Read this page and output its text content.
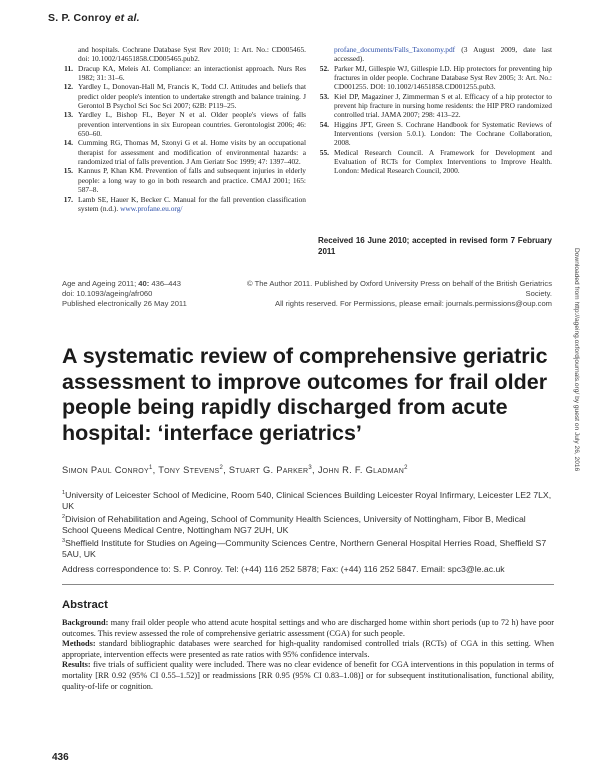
S. P. Conroy et al.
and hospitals. Cochrane Database Syst Rev 2010; 1: Art. No.: CD005465. doi: 10.1002/14651858.CD005465.pub2.
11. Dracup KA, Meleis AI. Compliance: an interactionist approach. Nurs Res 1982; 31: 31–6.
12. Yardley L, Donovan-Hall M, Francis K, Todd CJ. Attitudes and beliefs that predict older people's intention to undertake strength and balance training. J Gerontol B Psychol Sci Soc Sci 2007; 62B: P119–25.
13. Yardley L, Bishop FL, Beyer N et al. Older people's views of falls prevention interventions in six European countries. Gerontologist 2006; 46: 650–60.
14. Cumming RG, Thomas M, Szonyi G et al. Home visits by an occupational therapist for assessment and modification of environmental hazards: a randomized trial of falls prevention. J Am Geriatr Soc 1999; 47: 1397–402.
15. Kannus P, Khan KM. Prevention of falls and subsequent injuries in elderly people: a long way to go in both research and practice. CMAJ 2001; 165: 587–8.
17. Lamb SE, Hauer K, Becker C. Manual for the fall prevention classification system (n.d.). www.profane.eu.org/
profane_documents/Falls_Taxonomy.pdf (3 August 2009, date last accessed).
52. Parker MJ, Gillespie WJ, Gillespie LD. Hip protectors for preventing hip fractures in older people. Cochrane Database Syst Rev 2005; 3: Art. No.: CD001255. DOI: 10.1002/14651858.CD001255.pub3.
53. Kiel DP, Magaziner J, Zimmerman S et al. Efficacy of a hip protector to prevent hip fracture in nursing home residents: the HIP PRO randomized controlled trial. JAMA 2007; 298: 413–22.
54. Higgins JPT, Green S. Cochrane Handbook for Systematic Reviews of Interventions (version 5.0.1). London: The Cochrane Collaboration, 2008.
55. Medical Research Council. A Framework for Development and Evaluation of RCTs for Complex Interventions to Improve Health. London: Medical Research Council, 2000.
Received 16 June 2010; accepted in revised form 7 February 2011	Downloaded from http://ageing.oxfordjournals.org/ by guest on July 26, 2016
Age and Ageing 2011; 40: 436–443
doi: 10.1093/ageing/afr060
Published electronically 26 May 2011
© The Author 2011. Published by Oxford University Press on behalf of the British Geriatrics Society.
All rights reserved. For Permissions, please email: journals.permissions@oup.com
A systematic review of comprehensive geriatric assessment to improve outcomes for frail older people being rapidly discharged from acute hospital: ‘interface geriatrics’
Simon Paul Conroy$^1$, Tony Stevens$^2$, Stuart G. Parker$^3$, John R. F. Gladman$^2$
$^1$University of Leicester School of Medicine, Room 540, Clinical Sciences Building Leicester Royal Infirmary, Leicester LE2 7LX, UK
$^2$Division of Rehabilitation and Ageing, School of Community Health Sciences, University of Nottingham, Fibor B, Medical School Queens Medical Centre, Nottingham NG7 2UH, UK
$^3$Sheffield Institute for Studies on Ageing—Community Sciences Centre, Northern General Hospital Herries Road, Sheffield S7 5AU, UK
Address correspondence to: S. P. Conroy. Tel: (+44) 116 252 5878; Fax: (+44) 116 252 5847. Email: spc3@le.ac.uk
Abstract
Background: many frail older people who attend acute hospital settings and who are discharged home within short periods (up to 72 h) have poor outcomes. This review assessed the role of comprehensive geriatric assessment (CGA) for such people.
Methods: standard bibliographic databases were searched for high-quality randomised controlled trials (RCTs) of CGA in this setting. When appropriate, intervention effects were presented as rate ratios with 95% confidence intervals.
Results: five trials of sufficient quality were included. There was no clear evidence of benefit for CGA interventions in this population in terms of mortality [RR 0.92 (95% CI 0.55–1.52)] or readmissions [RR 0.95 (95% CI 0.83–1.08)] or for subsequent institutionalisation, functional ability, quality-of-life or cognition.
436
